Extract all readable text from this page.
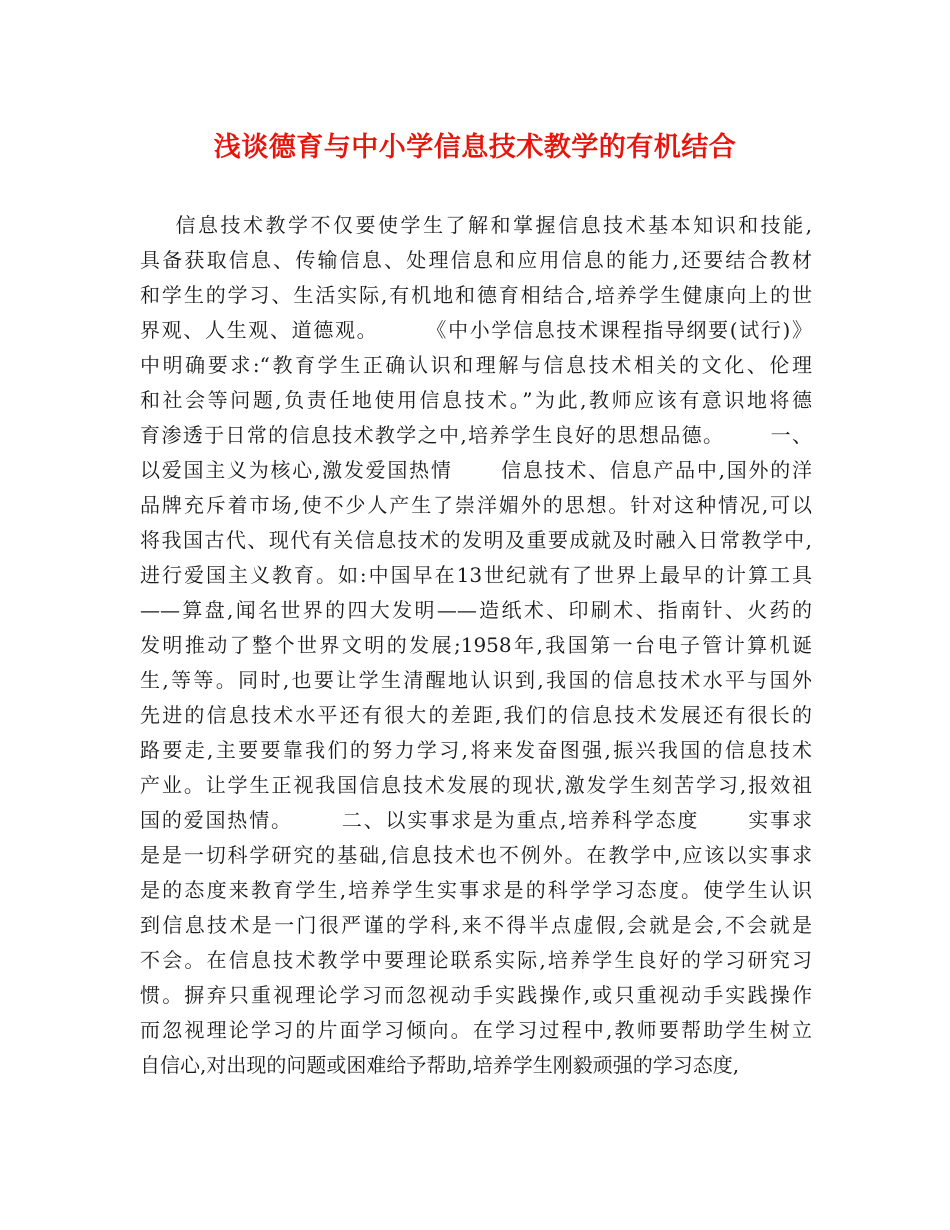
浅谈德育与中小学信息技术教学的有机结合
信息技术教学不仅要使学生了解和掌握信息技术基本知识和技能,
具备获取信息、传输信息、处理信息和应用信息的能力,还要结合教材
和学生的学习、生活实际,有机地和德育相结合,培养学生健康向上的世
界观、人生观、道德观。      《中小学信息技术课程指导纲要(试行)》
中明确要求:“教育学生正确认识和理解与信息技术相关的文化、伦理
和社会等问题,负责任地使用信息技术。”为此,教师应该有意识地将德
育渗透于日常的信息技术教学之中,培养学生良好的思想品德。      一、
以爱国主义为核心,激发爱国热情      信息技术、信息产品中,国外的洋
品牌充斥着市场,使不少人产生了崇洋媚外的思想。针对这种情况,可以
将我国古代、现代有关信息技术的发明及重要成就及时融入日常教学中,
进行爱国主义教育。如:中国早在13世纪就有了世界上最早的计算工具
——算盘,闻名世界的四大发明——造纸术、印刷术、指南针、火药的
发明推动了整个世界文明的发展;1958年,我国第一台电子管计算机诞
生,等等。同时,也要让学生清醒地认识到,我国的信息技术水平与国外
先进的信息技术水平还有很大的差距,我们的信息技术发展还有很长的
路要走,主要要靠我们的努力学习,将来发奋图强,振兴我国的信息技术
产业。让学生正视我国信息技术发展的现状,激发学生刻苦学习,报效祖
国的爱国热情。      二、以实事求是为重点,培养科学态度      实事求
是是一切科学研究的基础,信息技术也不例外。在教学中,应该以实事求
是的态度来教育学生,培养学生实事求是的科学学习态度。使学生认识
到信息技术是一门很严谨的学科,来不得半点虚假,会就是会,不会就是
不会。在信息技术教学中要理论联系实际,培养学生良好的学习研究习
惯。摒弃只重视理论学习而忽视动手实践操作,或只重视动手实践操作
而忽视理论学习的片面学习倾向。在学习过程中,教师要帮助学生树立
自信心,对出现的问题或困难给予帮助,培养学生刚毅顽强的学习态度,
